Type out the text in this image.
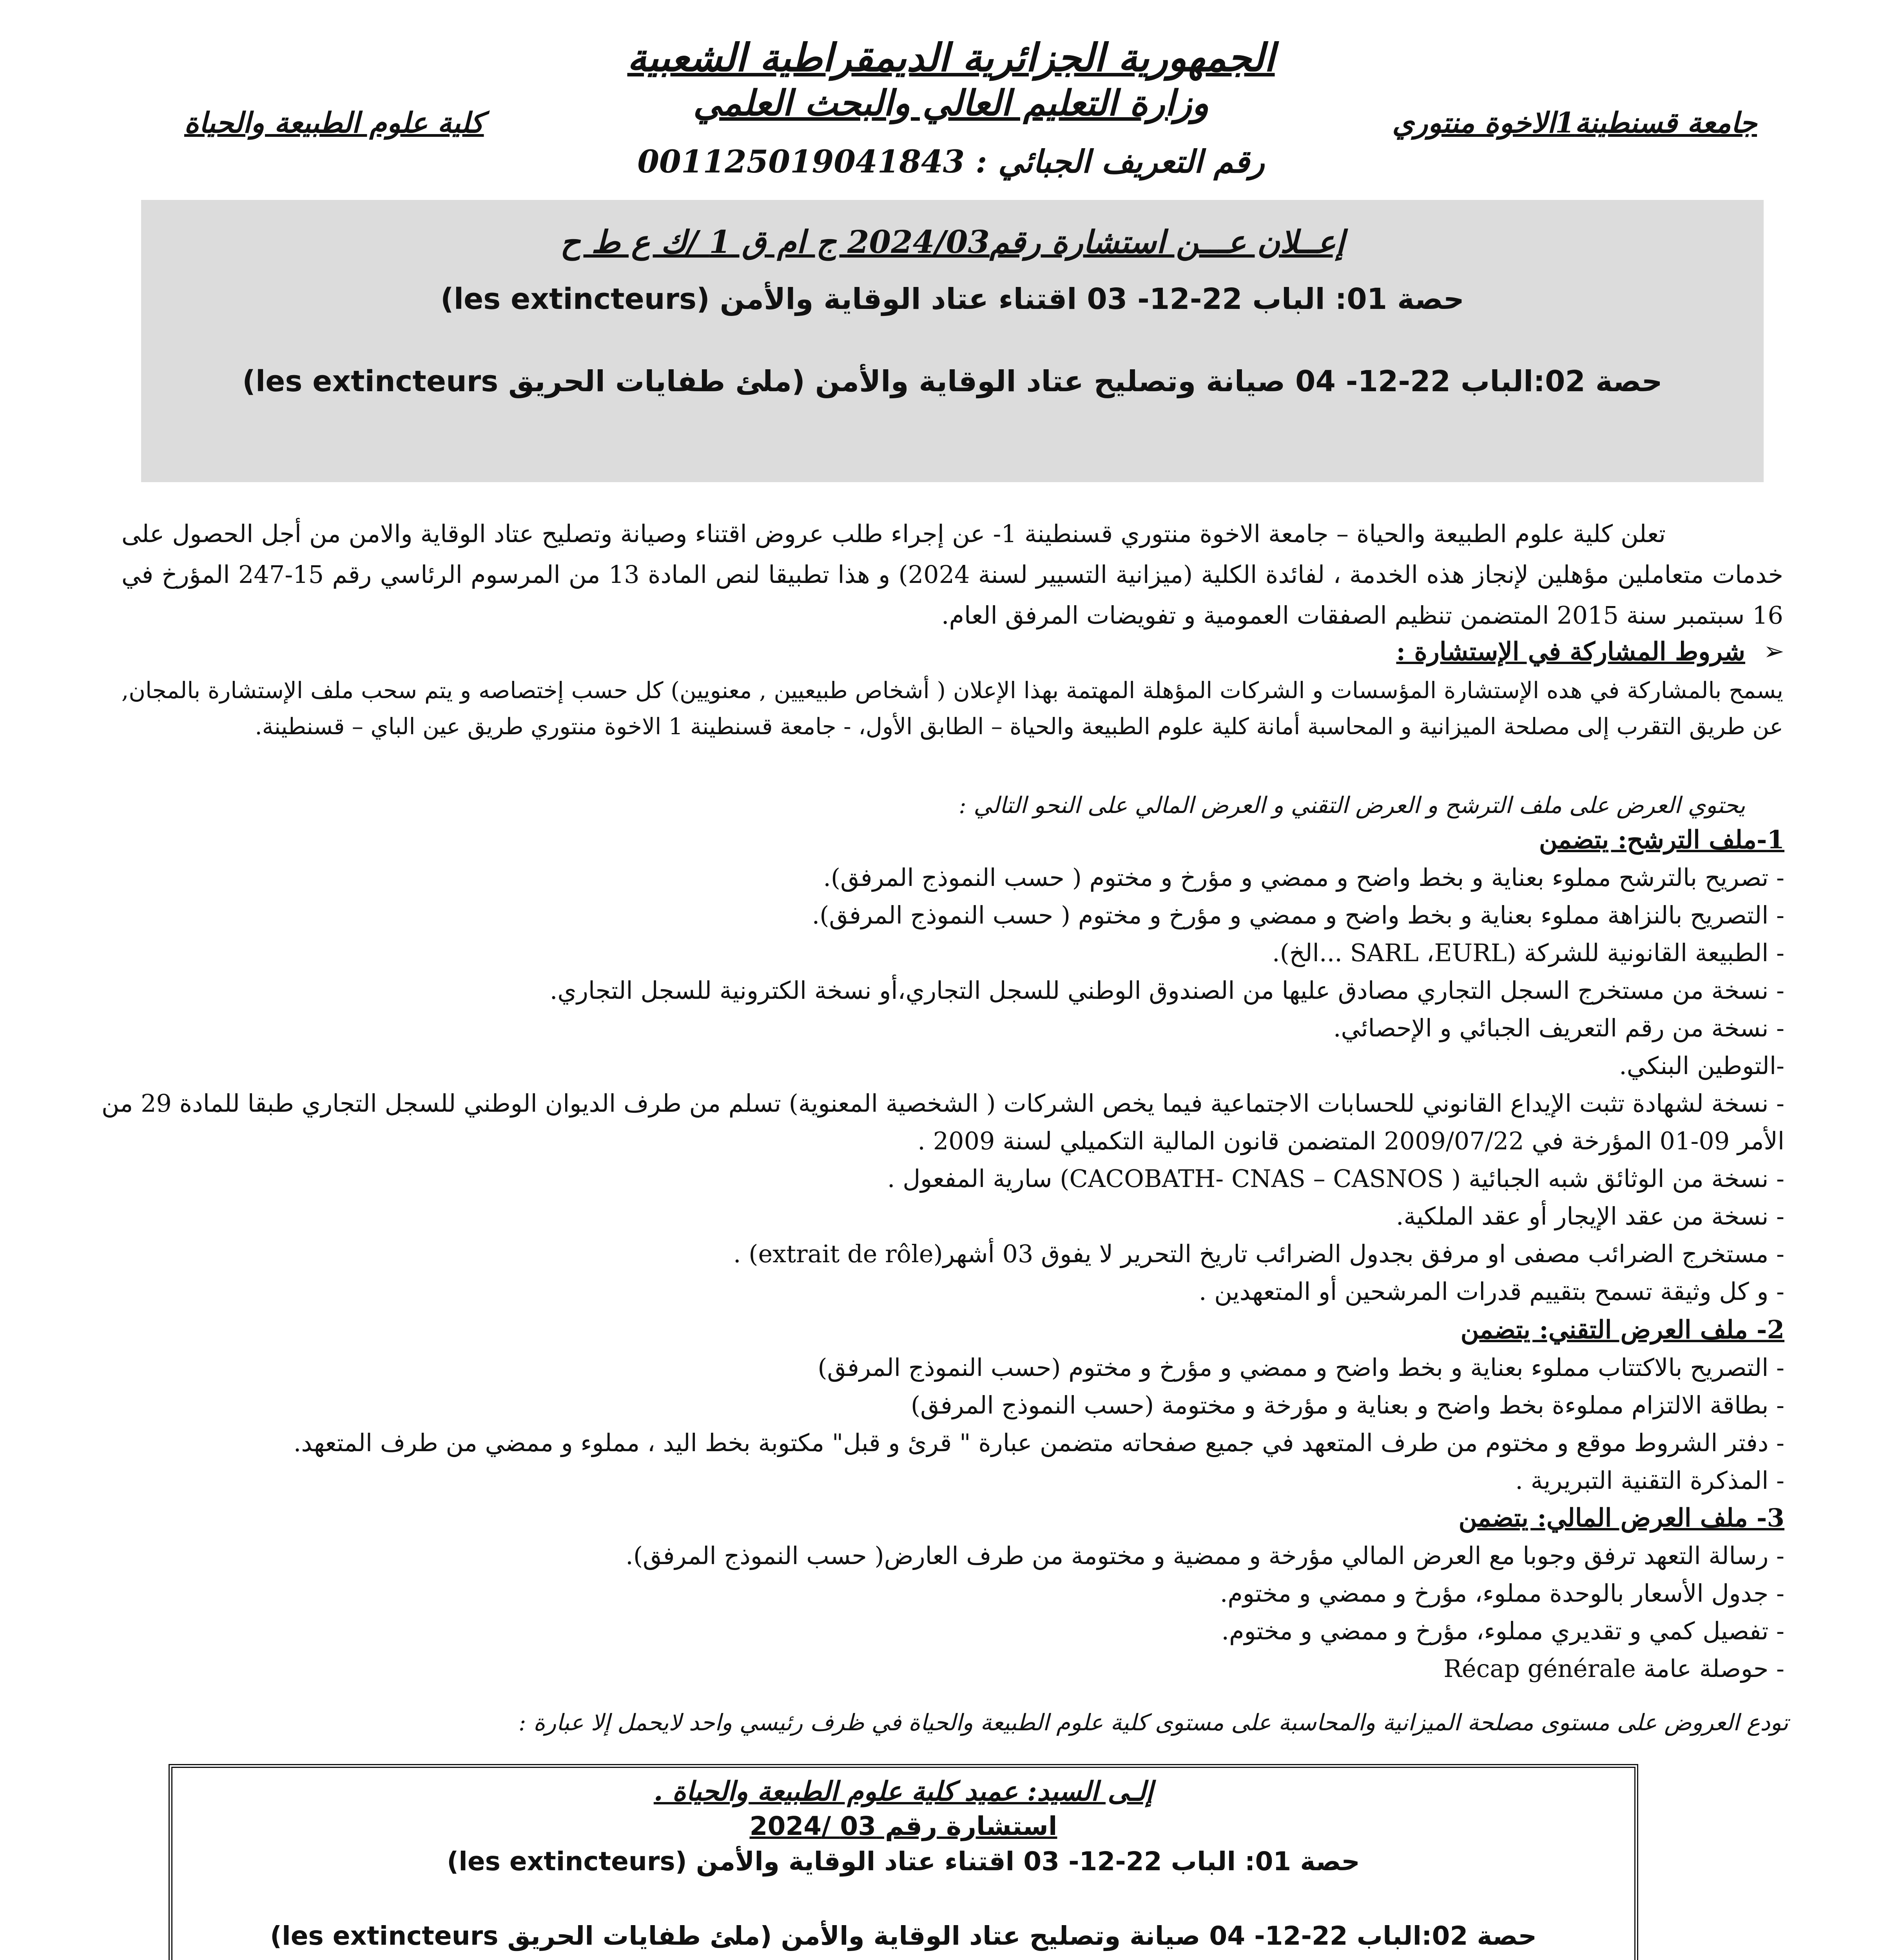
الجمهورية الجزائرية الديمقراطية الشعبية
وزارة التعليم العالي والبحث العلمي	جامعة قسنطينة1الاخوة منتوري
كلية علوم الطبيعة والحياة
رقم التعريف الجبائي : 001125019041843
إعــلان عـــن استشارة رقم2024/03 ج ام ق 1 /ك ع ط ح
حصة 01: الباب 22-12- 03 اقتناء عتاد الوقاية والأمن (les extincteurs)
حصة 02:الباب 22-12- 04 صيانة وتصليح عتاد الوقاية والأمن (ملئ طفايات الحريق les extincteurs)
تعلن كلية علوم الطبيعة والحياة – جامعة الاخوة منتوري قسنطينة 1- عن إجراء طلب عروض اقتناء وصيانة وتصليح عتاد الوقاية والامن من أجل الحصول على خدمات متعاملين مؤهلين لإنجاز هذه الخدمة ، لفائدة الكلية (ميزانية التسيير لسنة 2024) و هذا تطبيقا لنص المادة 13 من المرسوم الرئاسي رقم 15-247 المؤرخ في 16 سبتمبر سنة 2015 المتضمن تنظيم الصفقات العمومية و تفويضات المرفق العام.
➢
شروط المشاركة في الإستشارة :
يسمح بالمشاركة في هده الإستشارة المؤسسات و الشركات المؤهلة المهتمة بهذا الإعلان ( أشخاص طبيعيين , معنويين) كل حسب إختصاصه و يتم سحب ملف الإستشارة بالمجان, عن طريق التقرب إلى مصلحة الميزانية و المحاسبة أمانة كلية علوم الطبيعة والحياة – الطابق الأول، - جامعة قسنطينة 1 الاخوة منتوري طريق عين الباي – قسنطينة.
يحتوي العرض على ملف الترشح و العرض التقني و العرض المالي على النحو التالي :
1-ملف الترشح: يتضمن
- تصريح بالترشح مملوء بعناية و بخط واضح و ممضي و مؤرخ و مختوم ( حسب النموذج المرفق).
- التصريح بالنزاهة مملوء بعناية و بخط واضح و ممضي و مؤرخ و مختوم ( حسب النموذج المرفق).
- الطبيعة القانونية للشركة (SARL ،EURL ...الخ).
- نسخة من مستخرج السجل التجاري مصادق عليها من الصندوق الوطني للسجل التجاري،أو نسخة الكترونية للسجل التجاري.
- نسخة من رقم التعريف الجبائي و الإحصائي.
-التوطين البنكي.
- نسخة لشهادة تثبت الإيداع القانوني للحسابات الاجتماعية فيما يخص الشركات ( الشخصية المعنوية) تسلم من طرف الديوان الوطني للسجل التجاري طبقا للمادة 29 من
الأمر 09-01 المؤرخة في 2009/07/22 المتضمن قانون المالية التكميلي لسنة 2009 .
- نسخة من الوثائق شبه الجبائية ( CACOBATH- CNAS – CASNOS) سارية المفعول .
- نسخة من عقد الإيجار أو عقد الملكية.
- مستخرج الضرائب مصفى او مرفق بجدول الضرائب تاريخ التحرير لا يفوق 03 أشهر(extrait de rôle) .
- و كل وثيقة تسمح بتقييم قدرات المرشحين أو المتعهدين .
2- ملف العرض التقني: يتضمن
- التصريح بالاكتتاب مملوء بعناية و بخط واضح و ممضي و مؤرخ و مختوم (حسب النموذج المرفق)
- بطاقة الالتزام مملوءة بخط واضح و بعناية و مؤرخة و مختومة (حسب النموذج المرفق)
- دفتر الشروط موقع و مختوم من طرف المتعهد في جميع صفحاته متضمن عبارة " قرئ و قبل" مكتوبة بخط اليد ، مملوء و ممضي من طرف المتعهد.
- المذكرة التقنية التبريرية .
3- ملف العرض المالي: يتضمن
- رسالة التعهد ترفق وجوبا مع العرض المالي مؤرخة و ممضية و مختومة من طرف العارض( حسب النموذج المرفق).
- جدول الأسعار بالوحدة مملوء، مؤرخ و ممضي و مختوم.
- تفصيل كمي و تقديري مملوء، مؤرخ و ممضي و مختوم.
- حوصلة عامة Récap générale
تودع العروض على مستوى مصلحة الميزانية والمحاسبة على مستوى كلية علوم الطبيعة والحياة في ظرف رئيسي واحد لايحمل إلا عبارة :
إلـى السيد: عميد كلية علوم الطبيعة والحياة .
استشارة رقم 03 /2024
حصة 01: الباب 22-12- 03 اقتناء عتاد الوقاية والأمن (les extincteurs)
حصة 02:الباب 22-12- 04 صيانة وتصليح عتاد الوقاية والأمن (ملئ طفايات الحريق les extincteurs)
